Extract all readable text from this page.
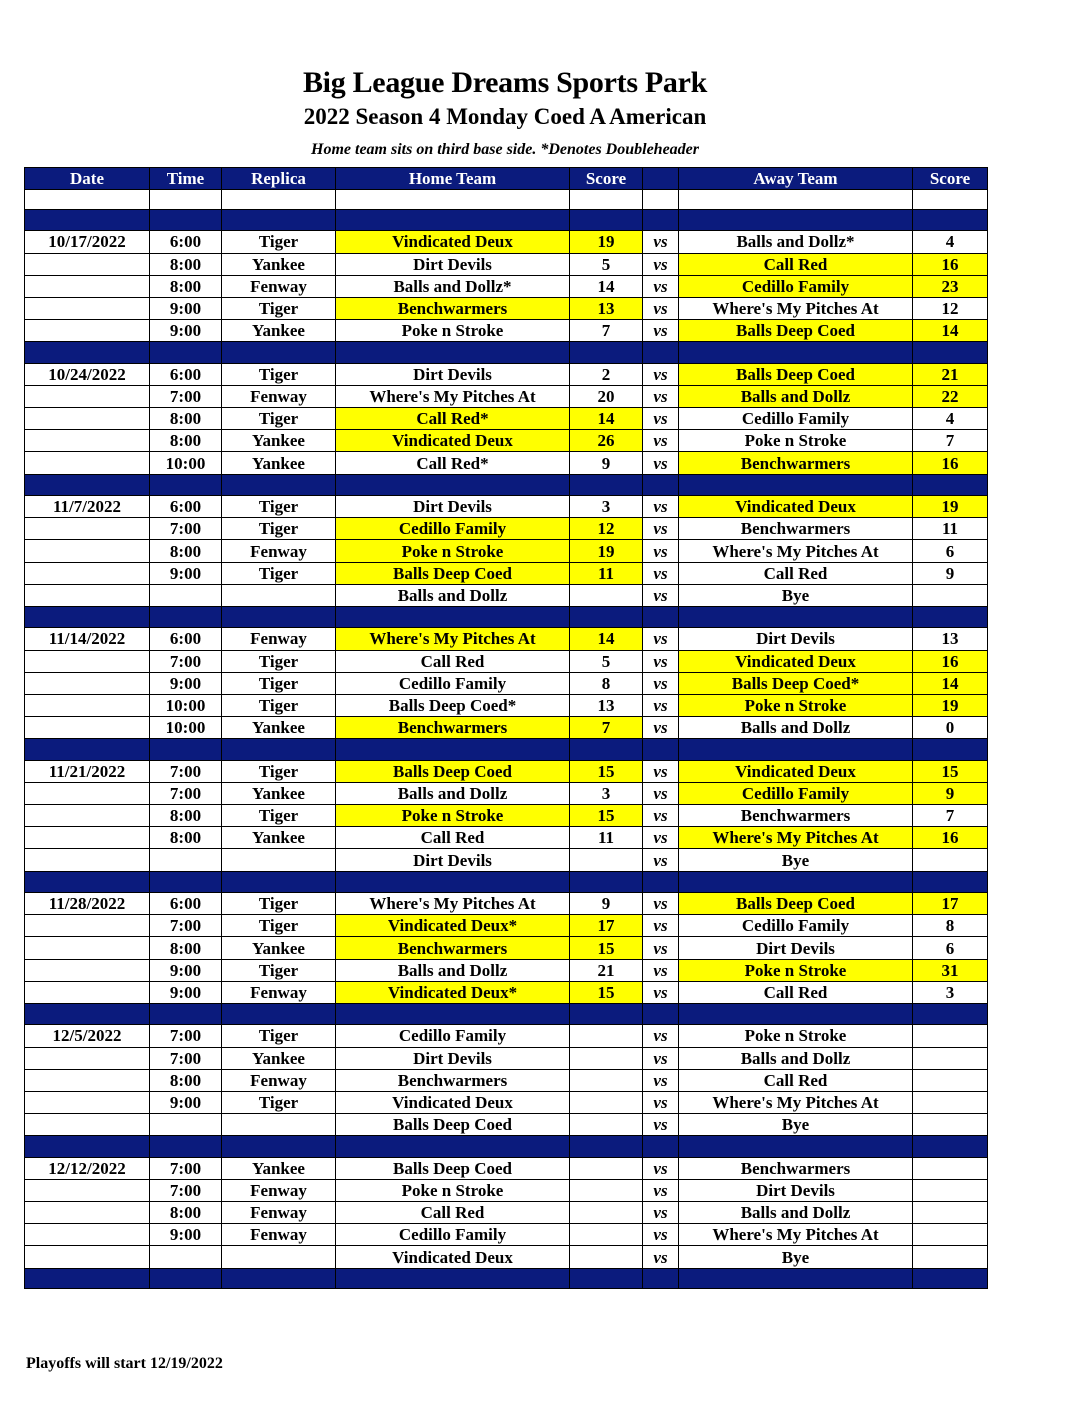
Big League Dreams Sports Park
2022 Season 4 Monday Coed A American
Home team sits on third base side. *Denotes Doubleheader
Date	Time	Replica	Home Team	Score		Away Team	Score

10/17/2022	6:00	Tiger	Vindicated Deux	19	vs	Balls and Dollz*	4
	8:00	Yankee	Dirt Devils	5	vs	Call Red	16
	8:00	Fenway	Balls and Dollz*	14	vs	Cedillo Family	23
	9:00	Tiger	Benchwarmers	13	vs	Where's My Pitches At	12
	9:00	Yankee	Poke n Stroke	7	vs	Balls Deep Coed	14

10/24/2022	6:00	Tiger	Dirt Devils	2	vs	Balls Deep Coed	21
	7:00	Fenway	Where's My Pitches At	20	vs	Balls and Dollz	22
	8:00	Tiger	Call Red*	14	vs	Cedillo Family	4
	8:00	Yankee	Vindicated Deux	26	vs	Poke n Stroke	7
	10:00	Yankee	Call Red*	9	vs	Benchwarmers	16

11/7/2022	6:00	Tiger	Dirt Devils	3	vs	Vindicated Deux	19
	7:00	Tiger	Cedillo Family	12	vs	Benchwarmers	11
	8:00	Fenway	Poke n Stroke	19	vs	Where's My Pitches At	6
	9:00	Tiger	Balls Deep Coed	11	vs	Call Red	9
			Balls and Dollz		vs	Bye	

11/14/2022	6:00	Fenway	Where's My Pitches At	14	vs	Dirt Devils	13
	7:00	Tiger	Call Red	5	vs	Vindicated Deux	16
	9:00	Tiger	Cedillo Family	8	vs	Balls Deep Coed*	14
	10:00	Tiger	Balls Deep Coed*	13	vs	Poke n Stroke	19
	10:00	Yankee	Benchwarmers	7	vs	Balls and Dollz	0

11/21/2022	7:00	Tiger	Balls Deep Coed	15	vs	Vindicated Deux	15
	7:00	Yankee	Balls and Dollz	3	vs	Cedillo Family	9
	8:00	Tiger	Poke n Stroke	15	vs	Benchwarmers	7
	8:00	Yankee	Call Red	11	vs	Where's My Pitches At	16
			Dirt Devils		vs	Bye	

11/28/2022	6:00	Tiger	Where's My Pitches At	9	vs	Balls Deep Coed	17
	7:00	Tiger	Vindicated Deux*	17	vs	Cedillo Family	8
	8:00	Yankee	Benchwarmers	15	vs	Dirt Devils	6
	9:00	Tiger	Balls and Dollz	21	vs	Poke n Stroke	31
	9:00	Fenway	Vindicated Deux*	15	vs	Call Red	3

12/5/2022	7:00	Tiger	Cedillo Family		vs	Poke n Stroke	
	7:00	Yankee	Dirt Devils		vs	Balls and Dollz	
	8:00	Fenway	Benchwarmers		vs	Call Red	
	9:00	Tiger	Vindicated Deux		vs	Where's My Pitches At	
			Balls Deep Coed		vs	Bye	

12/12/2022	7:00	Yankee	Balls Deep Coed		vs	Benchwarmers	
	7:00	Fenway	Poke n Stroke		vs	Dirt Devils	
	8:00	Fenway	Call Red		vs	Balls and Dollz	
	9:00	Fenway	Cedillo Family		vs	Where's My Pitches At	
			Vindicated Deux		vs	Bye	

Playoffs will start 12/19/2022
